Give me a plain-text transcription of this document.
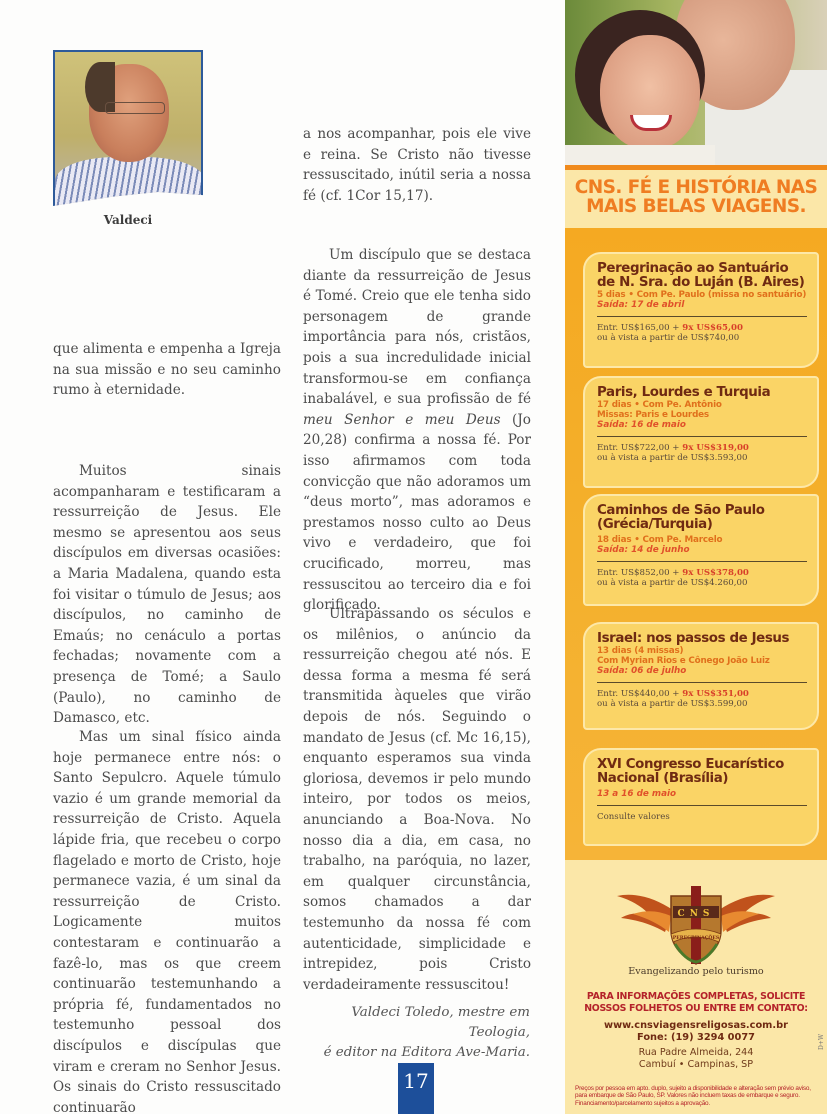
Valdeci

que alimenta e empenha a Igreja na sua missão e no seu caminho rumo à eternidade.

Muitos sinais acompanharam e testificaram a ressurreição de Jesus. Ele mesmo se apresentou aos seus discípulos em diversas ocasiões: a Maria Madalena, quando esta foi visitar o túmulo de Jesus; aos discípulos, no caminho de Emaús; no cenáculo a portas fechadas; novamente com a presença de Tomé; a Saulo (Paulo), no caminho de Damasco, etc.

Mas um sinal físico ainda hoje permanece entre nós: o Santo Sepulcro. Aquele túmulo vazio é um grande memorial da ressurreição de Cristo. Aquela lápide fria, que recebeu o corpo flagelado e morto de Cristo, hoje permanece vazia, é um sinal da ressurreição de Cristo. Logicamente muitos contestaram e continuarão a fazê-lo, mas os que creem continuarão testemunhando a própria fé, fundamentados no testemunho pessoal dos discípulos e discípulas que viram e creram no Senhor Jesus. Os sinais do Cristo ressuscitado continuarão

a nos acompanhar, pois ele vive e reina. Se Cristo não tivesse ressuscitado, inútil seria a nossa fé (cf. 1Cor 15,17).

Um discípulo que se destaca diante da ressurreição de Jesus é Tomé. Creio que ele tenha sido personagem de grande importância para nós, cristãos, pois a sua incredulidade inicial transformou-se em confiança inabalável, e sua profissão de fé meu Senhor e meu Deus (Jo 20,28) confirma a nossa fé. Por isso afirmamos com toda convicção que não adoramos um “deus morto”, mas adoramos e prestamos nosso culto ao Deus vivo e verdadeiro, que foi crucificado, morreu, mas ressuscitou ao terceiro dia e foi glorificado.

Ultrapassando os séculos e os milênios, o anúncio da ressurreição chegou até nós. E dessa forma a mesma fé será transmitida àqueles que virão depois de nós. Seguindo o mandato de Jesus (cf. Mc 16,15), enquanto esperamos sua vinda gloriosa, devemos ir pelo mundo inteiro, por todos os meios, anunciando a Boa-Nova. No nosso dia a dia, em casa, no trabalho, na paróquia, no lazer, em qualquer circunstância, somos chamados a dar testemunho da nossa fé com autenticidade, simplicidade e intrepidez, pois Cristo verdadeiramente ressuscitou!

Valdeci Toledo, mestre em Teologia,
é editor na Editora Ave-Maria.
17
CNS. FÉ E HISTÓRIA NAS
MAIS BELAS VIAGENS.
Peregrinação ao Santuário
de N. Sra. do Luján (B. Aires)
5 dias • Com Pe. Paulo (missa no santuário)
Saída: 17 de abril
Entr. US$165,00 + 9x US$65,00
ou à vista a partir de US$740,00
Paris, Lourdes e Turquia
17 dias • Com Pe. Antônio
Missas: Paris e Lourdes
Saída: 16 de maio
Entr. US$722,00 + 9x US$319,00
ou à vista a partir de US$3.593,00
Caminhos de São Paulo
(Grécia/Turquia)
18 dias • Com Pe. Marcelo
Saída: 14 de junho
Entr. US$852,00 + 9x US$378,00
ou à vista a partir de US$4.260,00
Israel: nos passos de Jesus
13 dias (4 missas)
Com Myrian Rios e Cônego João Luiz
Saída: 06 de julho
Entr. US$440,00 + 9x US$351,00
ou à vista a partir de US$3.599,00
XVI Congresso Eucarístico
Nacional (Brasília)
13 a 16 de maio
Consulte valores
CNS
PEREGRINAÇÕES
Evangelizando pelo turismo
PARA INFORMAÇÕES COMPLETAS, SOLICITE
NOSSOS FOLHETOS OU ENTRE EM CONTATO:
www.cnsviagensreligosas.com.br
Fone: (19) 3294 0077
Rua Padre Almeida, 244
Cambuí • Campinas, SP
D+W
Preços por pessoa em apto. duplo, sujeito a disponibilidade e alteração sem prévio aviso, para embarque de São Paulo, SP. Valores não incluem taxas de embarque e seguro. Financiamento/parcelamento sujeitos a aprovação.
